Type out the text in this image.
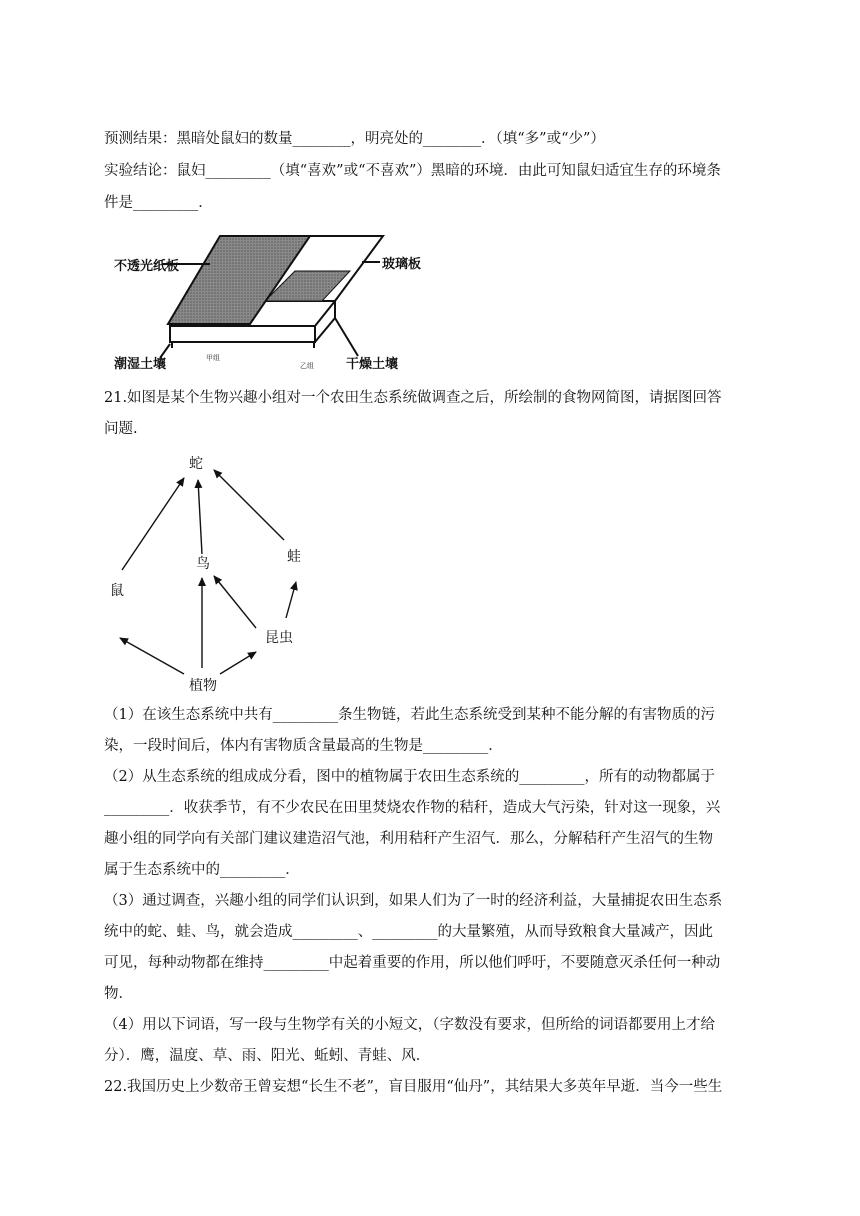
预测结果：黑暗处鼠妇的数量________，明亮处的________．（填“多”或“少”）
实验结论：鼠妇_________（填“喜欢”或“不喜欢”）黑暗的环境．由此可知鼠妇适宜生存的环境条
件是_________．
不透光纸板	玻璃板
潮湿土壤	干燥土壤
甲组
乙组
21.如图是某个生物兴趣小组对一个农田生态系统做调查之后，所绘制的食物网简图，请据图回答
问题.
蛇
鸟	蛙
鼠
昆虫
植物
（1）在该生态系统中共有_________条生物链，若此生态系统受到某种不能分解的有害物质的污
染，一段时间后，体内有害物质含量最高的生物是_________．
（2）从生态系统的组成成分看，图中的植物属于农田生态系统的_________，所有的动物都属于
_________．收获季节，有不少农民在田里焚烧农作物的秸秆，造成大气污染，针对这一现象，兴
趣小组的同学向有关部门建议建造沼气池，利用秸秆产生沼气．那么，分解秸秆产生沼气的生物
属于生态系统中的_________．
（3）通过调查，兴趣小组的同学们认识到，如果人们为了一时的经济利益，大量捕捉农田生态系
统中的蛇、蛙、鸟，就会造成_________、_________的大量繁殖，从而导致粮食大量减产，因此
可见，每种动物都在维持_________中起着重要的作用，所以他们呼吁，不要随意灭杀任何一种动
物．
（4）用以下词语，写一段与生物学有关的小短文，（字数没有要求，但所给的词语都要用上才给
分）．鹰，温度、草、雨、阳光、蚯蚓、青蛙、风．
22.我国历史上少数帝王曾妄想“长生不老”，盲目服用“仙丹”，其结果大多英年早逝．当今一些生
